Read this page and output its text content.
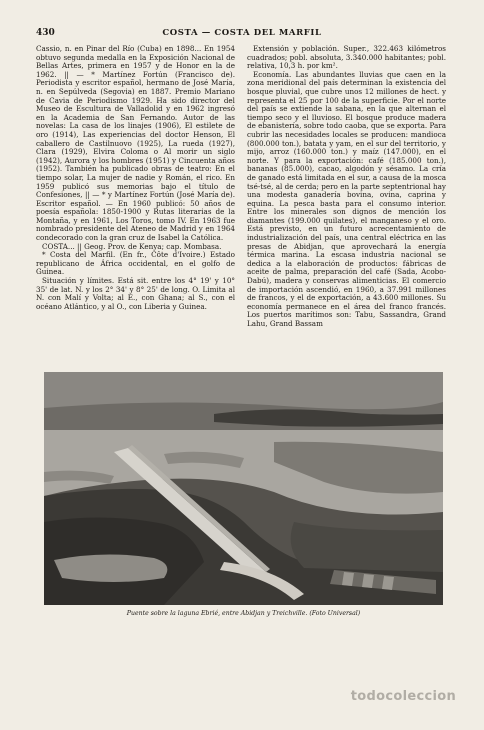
430	COSTA — COSTA DEL MARFIL

Cassio, n. en Pinar del Río (Cuba) en 1898... En 1954 obtuvo segunda medalla en la Exposición Nacional de Bellas Artes, primera en 1957 y de Honor en la de 1962. || — * Martínez Fortún (Francisco de). Periodista y escritor español, hermano de José María, n. en Sepúlveda (Segovia) en 1887. Premio Mariano de Cavia de Periodismo 1929. Ha sido director del Museo de Escultura de Valladolid y en 1962 ingresó en la Academia de San Fernando. Autor de las novelas: La casa de los linajes (1906), El estilete de oro (1914), Las experiencias del doctor Henson, El caballero de Castilnuovo (1925), La rueda (1927), Clara (1929), Elvira Coloma o Al morir un siglo (1942), Aurora y los hombres (1951) y Cincuenta años (1952). También ha publicado obras de teatro: En el tiempo solar, La mujer de nadie y Román, el rico. En 1959 publicó sus memorias bajo el título de Confesiones, || — * y Martínez Fortún (José María de). Escritor español. — En 1960 publicó: 50 años de poesía española: 1850-1900 y Rutas literarias de la Montaña, y en 1961, Los Toros, tomo IV. En 1963 fue nombrado presidente del Ateneo de Madrid y en 1964 condecorado con la gran cruz de Isabel la Católica.

COSTA... || Geog. Prov. de Kenya; cap. Mombasa.

* Costa del Marfil. (En fr., Côte d'Ivoire.) Estado republicano de África occidental, en el golfo de Guinea.

Situación y límites. Está sit. entre los 4° 19' y 10° 35' de lat. N. y los 2° 34' y 8° 25' de long. O. Limita al N. con Malí y Volta; al E., con Ghana; al S., con el océano Atlántico, y al O., con Liberia y Guinea.

Extensión y población. Super., 322.463 kilómetros cuadrados; pobl. absoluta, 3.340.000 habitantes; pobl. relativa, 10,3 h. por km².

Economía. Las abundantes lluvias que caen en la zona meridional del país determinan la existencia del bosque pluvial, que cubre unos 12 millones de hect. y representa el 25 por 100 de la superficie. Por el norte del país se extiende la sabana, en la que alternan el tiempo seco y el lluvioso. El bosque produce madera de ebanistería, sobre todo caoba, que se exporta. Para cubrir las necesidades locales se producen: mandioca (800.000 ton.), batata y yam, en el sur del territorio, y mijo, arroz (160.000 ton.) y maíz (147.000), en el norte. Y para la exportación: café (185.000 ton.), bananas (85.000), cacao, algodón y sésamo. La cría de ganado está limitada en el sur, a causa de la mosca tsé-tsé, al de cerda; pero en la parte septentrional hay una modesta ganadería bovina, ovina, caprina y equina. La pesca basta para el consumo interior. Entre los minerales son dignos de mención los diamantes (199.000 quilates), el manganeso y el oro. Está previsto, en un futuro acrecentamiento de industrialización del país, una central eléctrica en las presas de Abidjan, que aprovechará la energía térmica marina. La escasa industria nacional se dedica a la elaboración de productos: fábricas de aceite de palma, preparación del café (Sada, Acobo-Dabú), madera y conservas alimenticias. El comercio de importación ascendió, en 1960, a 37.991 millones de francos, y el de exportación, a 43.600 millones. Su economía permanece en el área del franco francés. Los puertos marítimos son: Tabu, Sassandra, Grand Lahu, Grand Bassam

Puente sobre la laguna Ebrié, entre Abidjan y Treichville. (Foto Universal)
todocoleccion
